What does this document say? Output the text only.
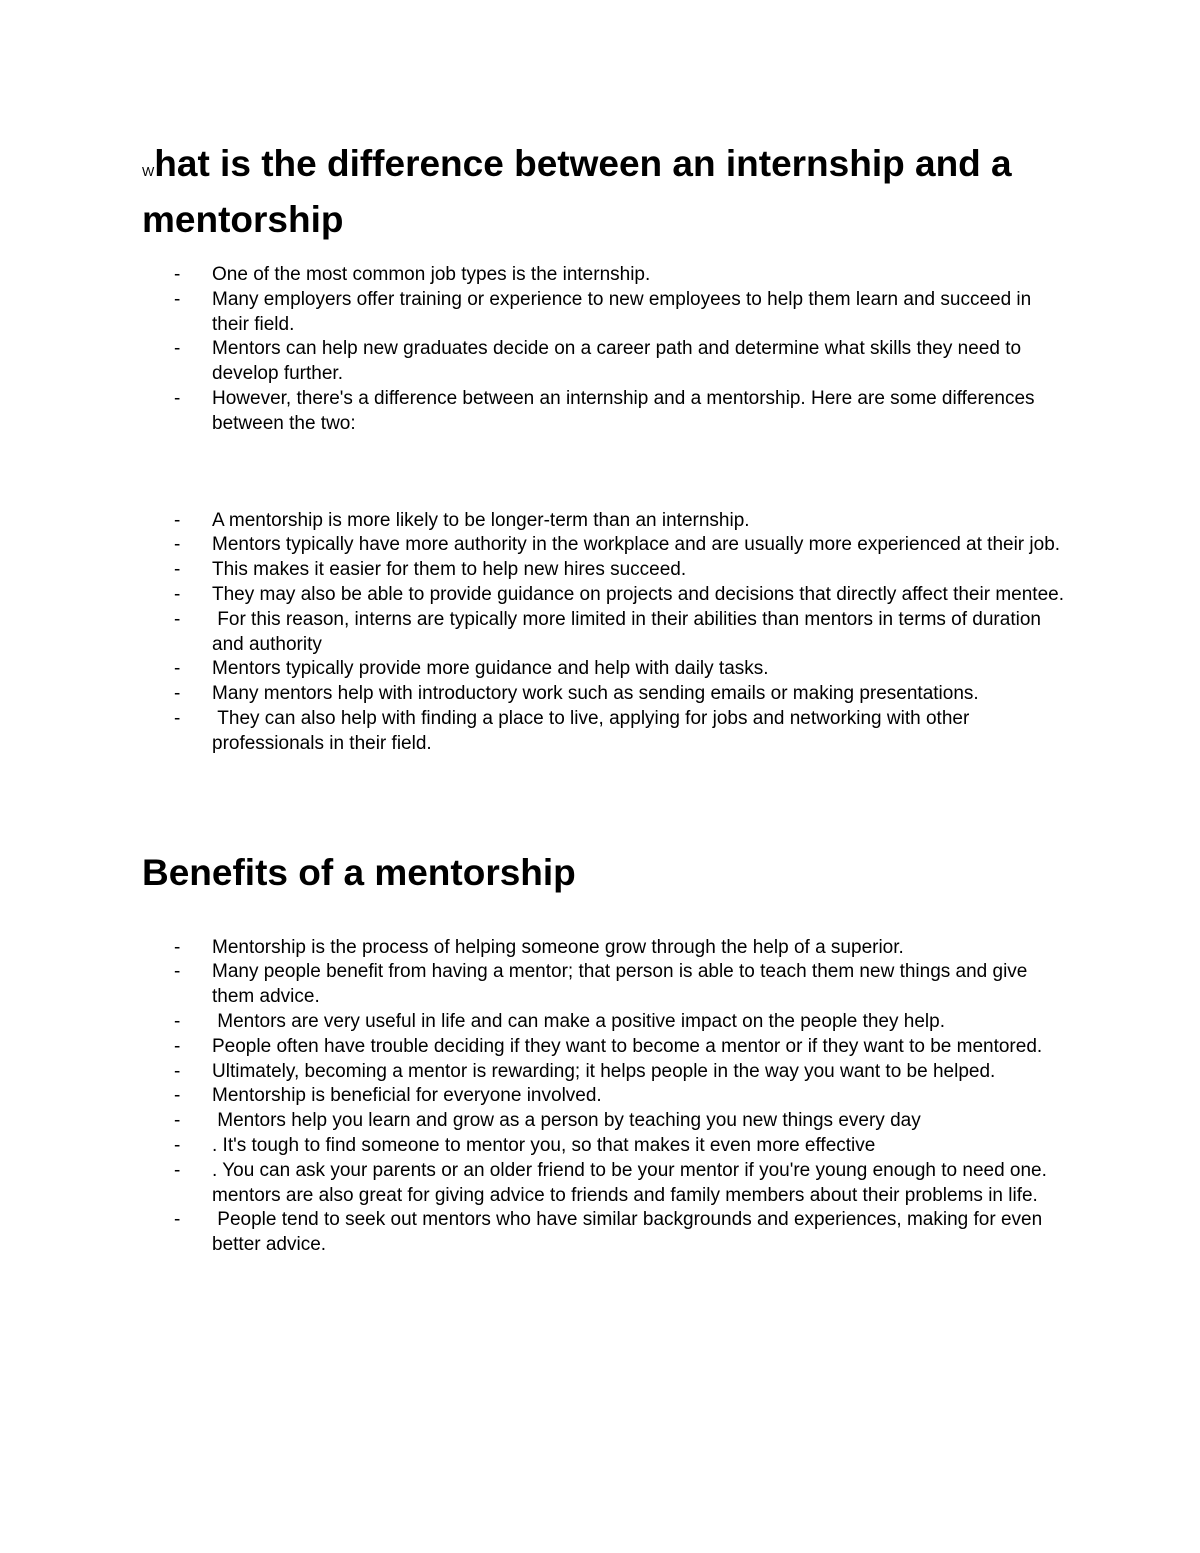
What is the difference between an internship and a mentorship
- One of the most common job types is the internship.
- Many employers offer training or experience to new employees to help them learn and succeed in their field.
- Mentors can help new graduates decide on a career path and determine what skills they need to develop further.
- However, there's a difference between an internship and a mentorship. Here are some differences between the two:
- A mentorship is more likely to be longer-term than an internship.
- Mentors typically have more authority in the workplace and are usually more experienced at their job.
- This makes it easier for them to help new hires succeed.
- They may also be able to provide guidance on projects and decisions that directly affect their mentee.
- For this reason, interns are typically more limited in their abilities than mentors in terms of duration and authority
- Mentors typically provide more guidance and help with daily tasks.
- Many mentors help with introductory work such as sending emails or making presentations.
- They can also help with finding a place to live, applying for jobs and networking with other professionals in their field.
Benefits of a mentorship
- Mentorship is the process of helping someone grow through the help of a superior.
- Many people benefit from having a mentor; that person is able to teach them new things and give them advice.
- Mentors are very useful in life and can make a positive impact on the people they help.
- People often have trouble deciding if they want to become a mentor or if they want to be mentored.
- Ultimately, becoming a mentor is rewarding; it helps people in the way you want to be helped.
- Mentorship is beneficial for everyone involved.
- Mentors help you learn and grow as a person by teaching you new things every day
- . It's tough to find someone to mentor you, so that makes it even more effective
- . You can ask your parents or an older friend to be your mentor if you're young enough to need one. mentors are also great for giving advice to friends and family members about their problems in life.
- People tend to seek out mentors who have similar backgrounds and experiences, making for even better advice.
